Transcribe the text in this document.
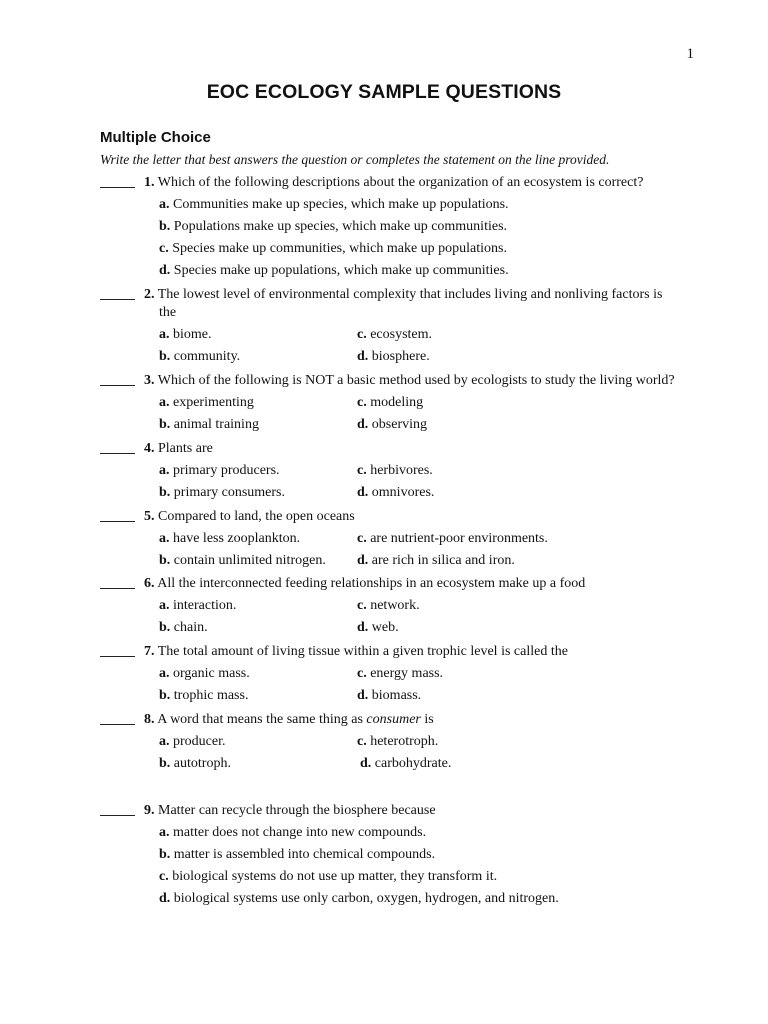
1
EOC ECOLOGY SAMPLE QUESTIONS
Multiple Choice
Write the letter that best answers the question or completes the statement on the line provided.
1. Which of the following descriptions about the organization of an ecosystem is correct?
a. Communities make up species, which make up populations.
b. Populations make up species, which make up communities.
c. Species make up communities, which make up populations.
d. Species make up populations, which make up communities.
2. The lowest level of environmental complexity that includes living and nonliving factors is
the
a. biome.	c. ecosystem.
b. community.	d. biosphere.
3. Which of the following is NOT a basic method used by ecologists to study the living world?
a. experimenting	c. modeling
b. animal training	d. observing
4. Plants are
a. primary producers.	c. herbivores.
b. primary consumers.	d. omnivores.
5. Compared to land, the open oceans
a. have less zooplankton.	c. are nutrient-poor environments.
b. contain unlimited nitrogen. d. are rich in silica and iron.
6. All the interconnected feeding relationships in an ecosystem make up a food
a. interaction.	c. network.
b. chain.	d. web.
7. The total amount of living tissue within a given trophic level is called the
a. organic mass.	c. energy mass.
b. trophic mass.	d. biomass.
8. A word that means the same thing as consumer is
a. producer.	c. heterotroph.
b. autotroph.	d. carbohydrate.
9. Matter can recycle through the biosphere because
a. matter does not change into new compounds.
b. matter is assembled into chemical compounds.
c. biological systems do not use up matter, they transform it.
d. biological systems use only carbon, oxygen, hydrogen, and nitrogen.
